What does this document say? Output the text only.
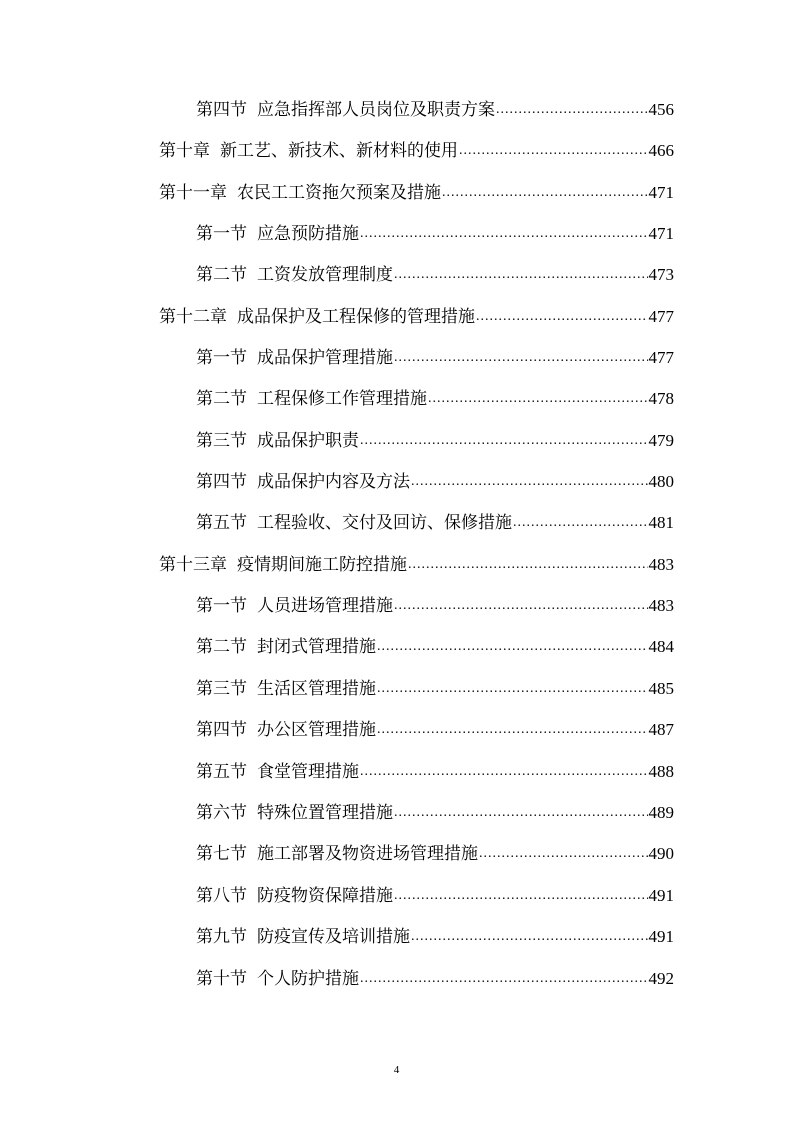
第四节 应急指挥部人员岗位及职责方案 .....	456
第十章 新工艺、新技术、新材料的使用 .....	466
第十一章 农民工工资拖欠预案及措施 .....	471
第一节 应急预防措施 .....	471
第二节 工资发放管理制度 .....	473
第十二章 成品保护及工程保修的管理措施 .....	477
第一节 成品保护管理措施 .....	477
第二节 工程保修工作管理措施 .....	478
第三节 成品保护职责 .....	479
第四节 成品保护内容及方法 .....	480
第五节 工程验收、交付及回访、保修措施 .....	481
第十三章 疫情期间施工防控措施 .....	483
第一节 人员进场管理措施 .....	483
第二节 封闭式管理措施 .....	484
第三节 生活区管理措施 .....	485
第四节 办公区管理措施 .....	487
第五节 食堂管理措施 .....	488
第六节 特殊位置管理措施 .....	489
第七节 施工部署及物资进场管理措施 .....	490
第八节 防疫物资保障措施 .....	491
第九节 防疫宣传及培训措施 .....	491
第十节 个人防护措施 .....	492
4
